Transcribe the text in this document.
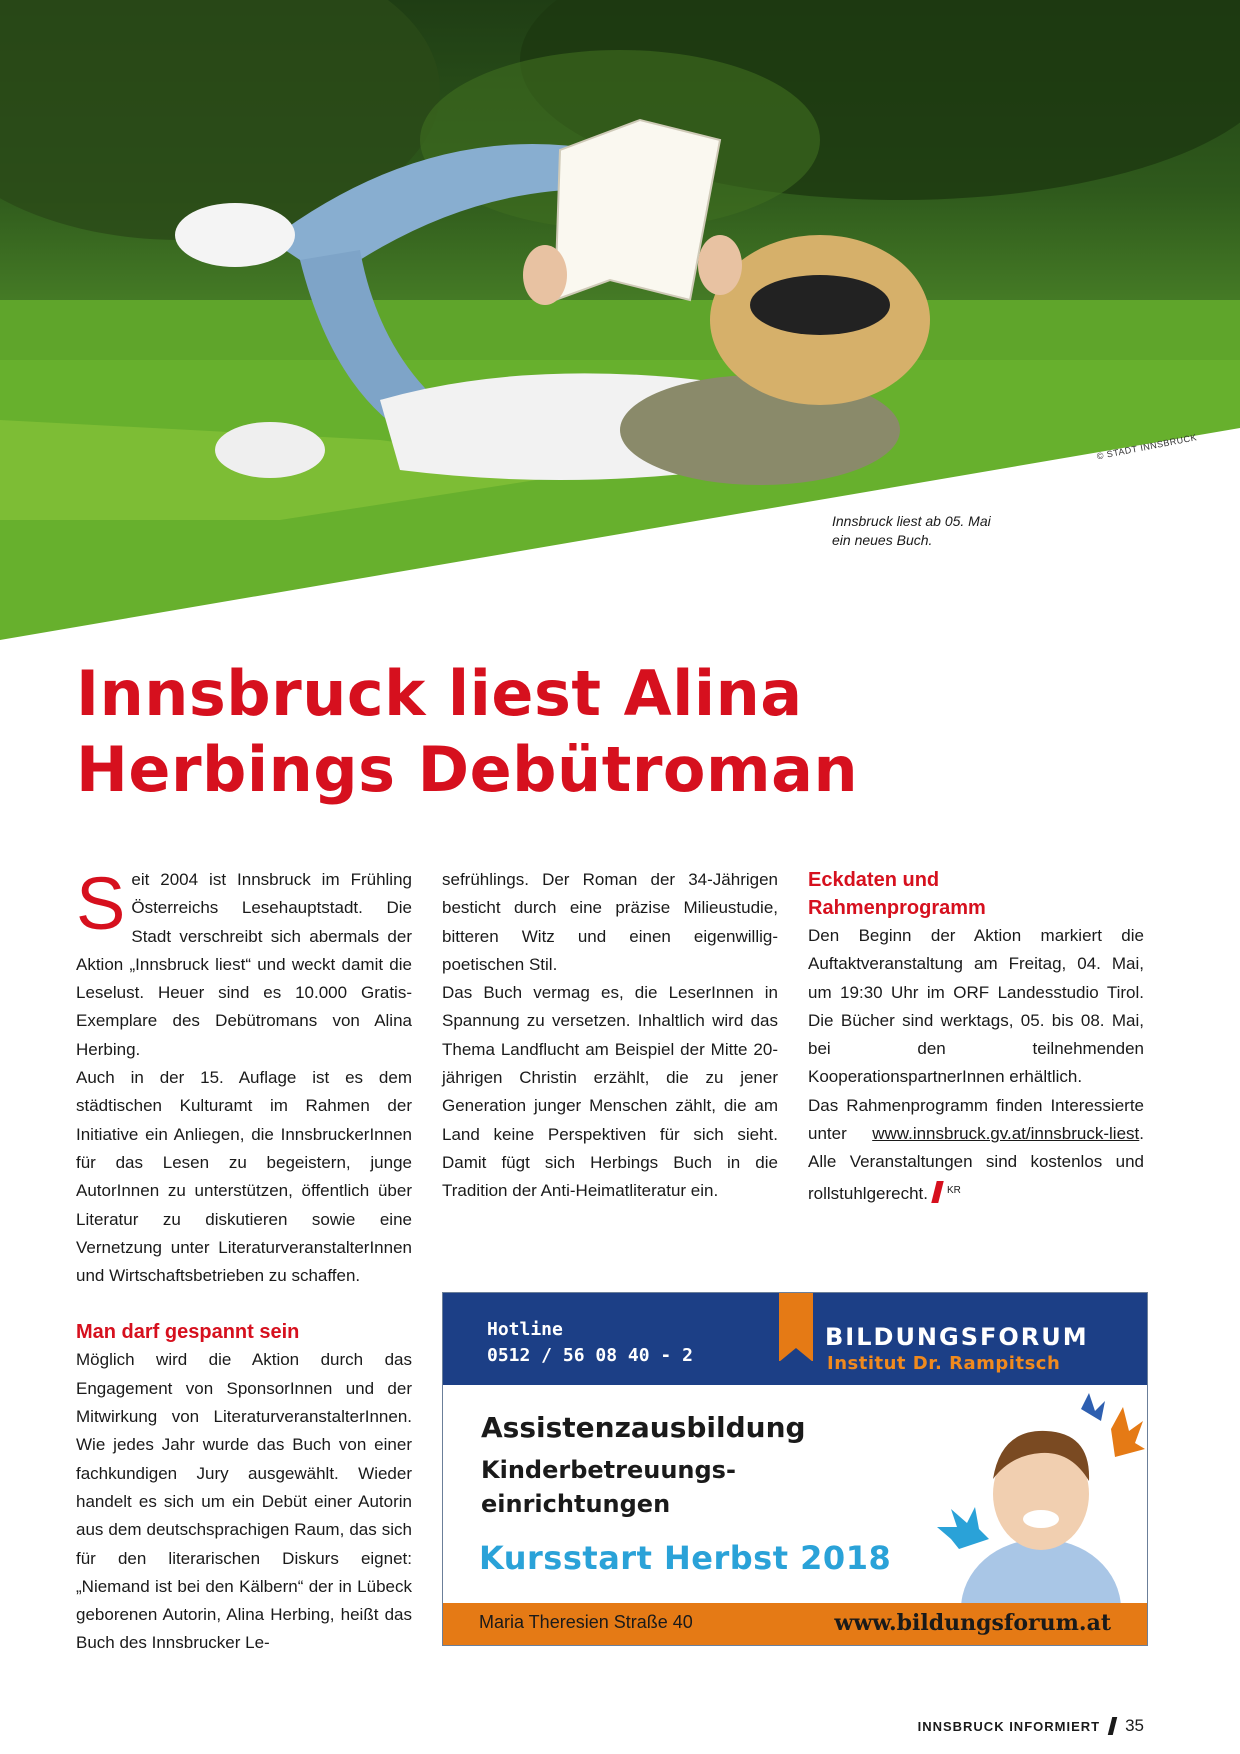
© STADT INNSBRUCK
Innsbruck liest ab 05. Mai
ein neues Buch.
Innsbruck liest Alina
Herbings Debütroman

Seit 2004 ist Innsbruck im Frühling Österreichs Lesehauptstadt. Die Stadt verschreibt sich abermals der Aktion „Innsbruck liest“ und weckt damit die Leselust. Heuer sind es 10.000 Gratis-Exemplare des Debütromans von Alina Herbing.

Auch in der 15. Auflage ist es dem städtischen Kulturamt im Rahmen der Initiative ein Anliegen, die InnsbruckerInnen für das Lesen zu begeistern, junge AutorInnen zu unterstützen, öffentlich über Literatur zu diskutieren sowie eine Vernetzung unter LiteraturveranstalterInnen und Wirtschaftsbetrieben zu schaffen.

Man darf gespannt sein

Möglich wird die Aktion durch das Engagement von SponsorInnen und der Mitwirkung von LiteraturveranstalterInnen. Wie jedes Jahr wurde das Buch von einer fachkundigen Jury ausgewählt. Wieder handelt es sich um ein Debüt einer Autorin aus dem deutschsprachigen Raum, das sich für den literarischen Diskurs eignet: „Niemand ist bei den Kälbern“ der in Lübeck geborenen Autorin, Alina Herbing, heißt das Buch des Innsbrucker Le-

sefrühlings. Der Roman der 34-Jährigen besticht durch eine präzise Milieustudie, bitteren Witz und einen eigenwillig-poetischen Stil.

Das Buch vermag es, die LeserInnen in Spannung zu versetzen. Inhaltlich wird das Thema Landflucht am Beispiel der Mitte 20-jährigen Christin erzählt, die zu jener Generation junger Menschen zählt, die am Land keine Perspektiven für sich sieht. Damit fügt sich Herbings Buch in die Tradition der Anti-Heimatliteratur ein.

Eckdaten und
Rahmenprogramm

Den Beginn der Aktion markiert die Auftaktveranstaltung am Freitag, 04. Mai, um 19:30 Uhr im ORF Landesstudio Tirol. Die Bücher sind werktags, 05. bis 08. Mai, bei den teilnehmenden KooperationspartnerInnen erhältlich.

Das Rahmenprogramm finden Interessierte unter www.innsbruck.gv.at/innsbruck-liest. Alle Veranstaltungen sind kostenlos und rollstuhlgerecht. $^{KR}$

Hotline
0512 / 56 08 40 - 2
BILDUNGSFORUM
Institut Dr. Rampitsch
Assistenzausbildung
Kinderbetreuungs-einrichtungen
Kursstart Herbst 2018
Maria Theresien Straße 40	www.bildungsforum.at
INNSBRUCK INFORMIERT 35
